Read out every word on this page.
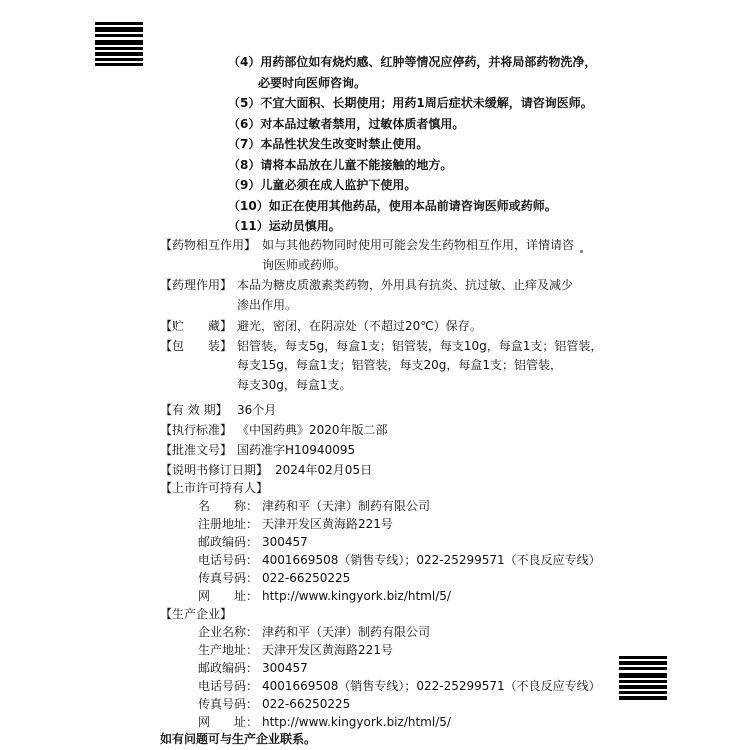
（4）用药部位如有烧灼感、红肿等情况应停药，并将局部药物洗净，
必要时向医师咨询。
（5）不宜大面积、长期使用；用药1周后症状未缓解，请咨询医师。
（6）对本品过敏者禁用，过敏体质者慎用。
（7）本品性状发生改变时禁止使用。
（8）请将本品放在儿童不能接触的地方。
（9）儿童必须在成人监护下使用。
（10）如正在使用其他药品，使用本品前请咨询医师或药师。
（11）运动员慎用。
【药物相互作用】 如与其他药物同时使用可能会发生药物相互作用，详情请咨
询医师或药师。
【药理作用】 本品为糖皮质激素类药物，外用具有抗炎、抗过敏、止痒及减少
渗出作用。
【贮　　藏】 避光，密闭，在阴凉处（不超过20℃）保存。
【包　　装】 铝管装，每支5g，每盒1支；铝管装，每支10g，每盒1支；铝管装，
每支15g，每盒1支；铝管装，每支20g，每盒1支；铝管装，
每支30g，每盒1支。
【有 效 期】 36个月
【执行标准】 《中国药典》2020年版二部
【批准文号】 国药准字H10940095
【说明书修订日期】 2024年02月05日
【上市许可持有人】
名　　称： 津药和平（天津）制药有限公司
注册地址： 天津开发区黄海路221号
邮政编码： 300457
电话号码： 4001669508（销售专线）；022-25299571（不良反应专线）
传真号码： 022-66250225
网　　址： http://www.kingyork.biz/html/5/
【生产企业】
企业名称： 津药和平（天津）制药有限公司
生产地址： 天津开发区黄海路221号
邮政编码： 300457
电话号码： 4001669508（销售专线）；022-25299571（不良反应专线）
传真号码： 022-66250225
网　　址： http://www.kingyork.biz/html/5/
如有问题可与生产企业联系。
